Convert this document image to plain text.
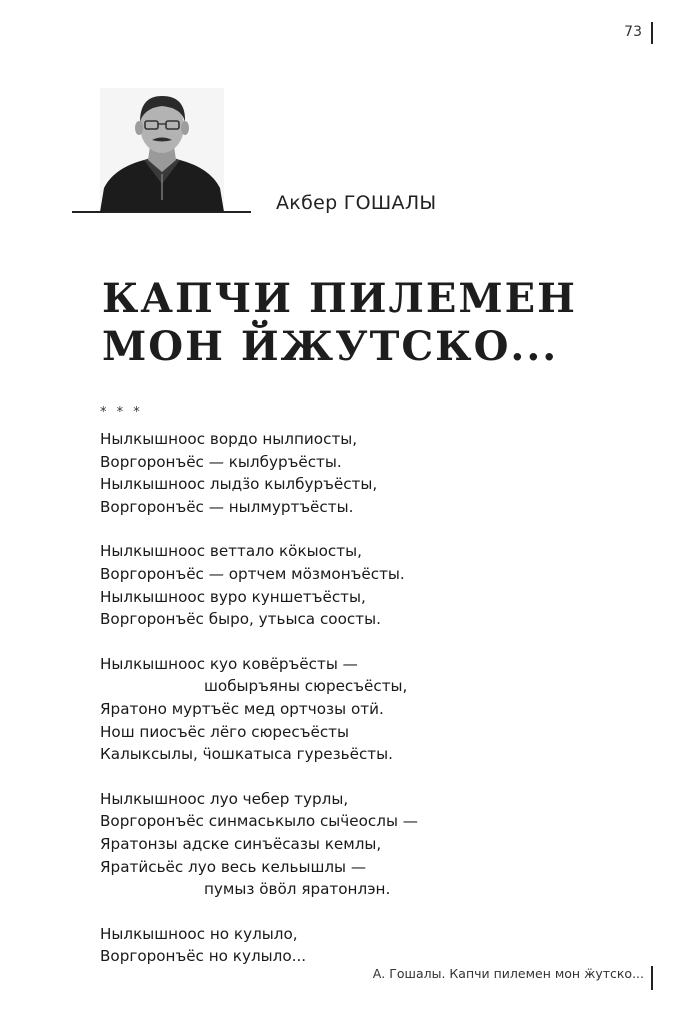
73
Акбер ГОШАЛЫ
КАПЧИ ПИЛЕМЕН
МОН ЙЖУТСКО...
* * *
Нылкышноос вордо нылпиосты,
Воргоронъёс — кылбуръёсты.
Нылкышноос лыдӟо кылбуръёсты,
Воргоронъёс — нылмуртъёсты.
Нылкышноос веттало кӧкыосты,
Воргоронъёс — ортчем мӧзмонъёсты.
Нылкышноос вуро куншетъёсты,
Воргоронъёс быро, утьыса соосты.
Нылкышноос куо ковёръёсты —
шобыръяны сюресъёсты,
Яратоно муртъёс мед ортчозы отӥ.
Нош пиосъёс лёго сюресъёсты
Калыксылы, ӵошкатыса гурезьёсты.
Нылкышноос луо чебер турлы,
Воргоронъёс синмаськыло сыӵеослы —
Яратонзы адске синъёсазы кемлы,
Яратӥсьёс луо весь кельышлы —
пумыз ӧвӧл яратонлэн.
Нылкышноос но кулыло,
Воргоронъёс но кулыло...
А. Гошалы. Капчи пилемен мон ӝутско...
